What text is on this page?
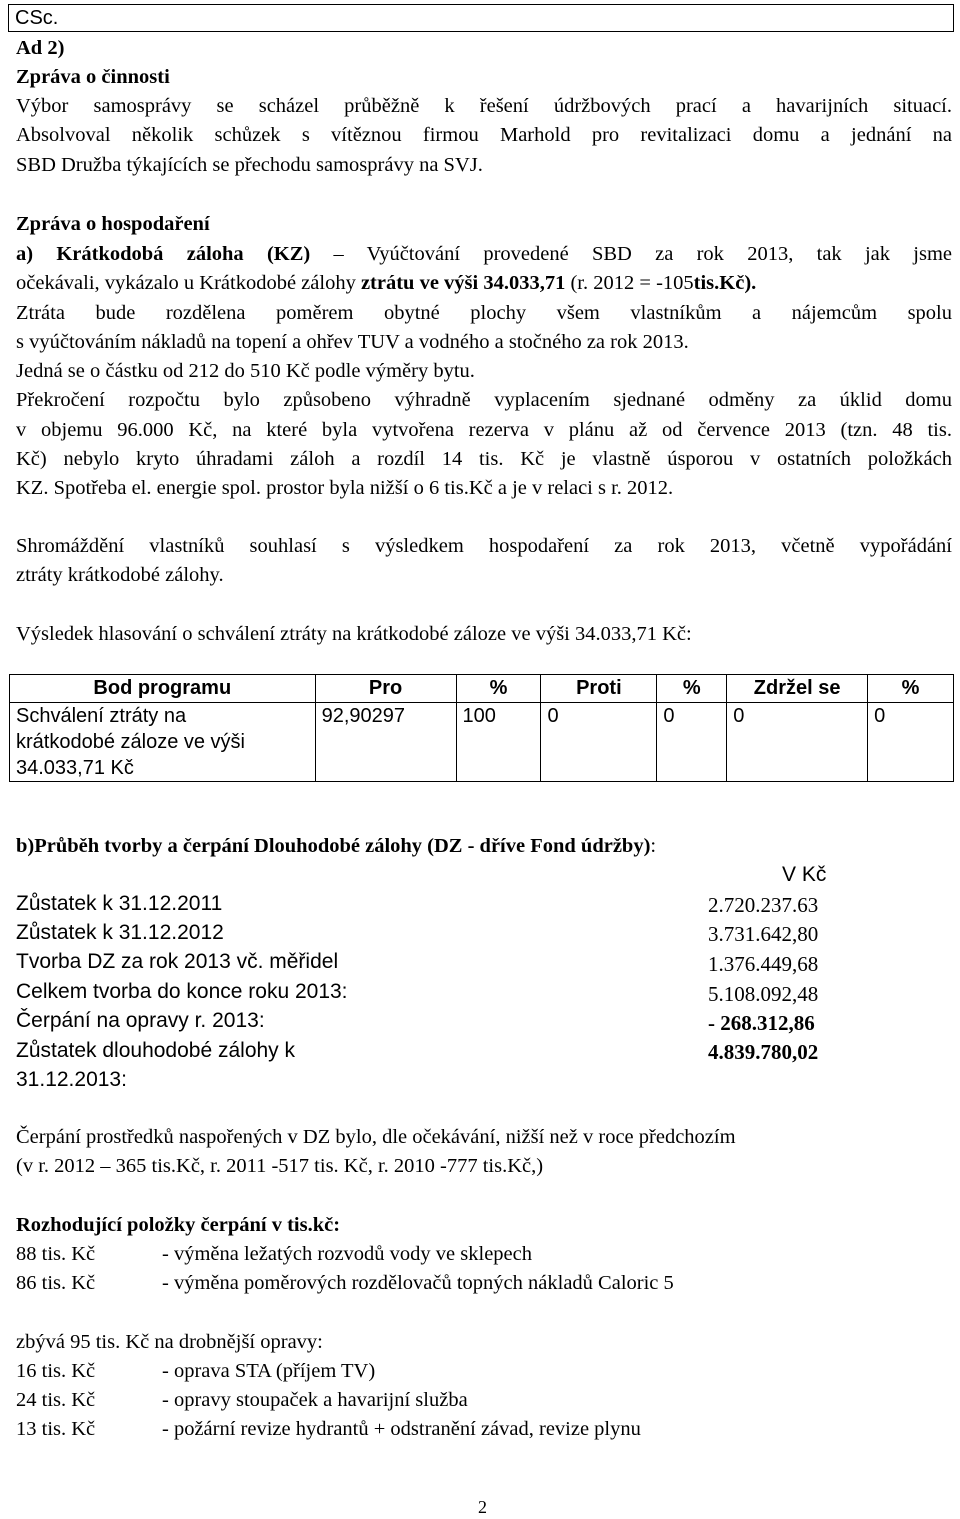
CSc.
Ad 2)
Zpráva o činnosti
Výbor samosprávy se scházel průběžně k řešení údržbových prací a havarijních situací.
Absolvoval několik schůzek s vítěznou firmou Marhold pro revitalizaci domu a jednání na
SBD Družba týkajících se přechodu samosprávy na SVJ.
Zpráva o hospodaření
a) Krátkodobá záloha (KZ) – Vyúčtování provedené SBD za rok 2013, tak jak jsme
očekávali, vykázalo u Krátkodobé zálohy ztrátu ve výši 34.033,71 (r. 2012 = -105tis.Kč).
Ztráta bude rozdělena poměrem obytné plochy všem vlastníkům a nájemcům spolu
s vyúčtováním nákladů na topení a ohřev TUV a vodného a stočného za rok 2013.
Jedná se o částku od 212 do 510 Kč podle výměry bytu.
Překročení rozpočtu bylo způsobeno výhradně vyplacením sjednané odměny za úklid domu
v objemu 96.000 Kč, na které byla vytvořena rezerva v plánu až od července 2013 (tzn. 48 tis.
Kč) nebylo kryto úhradami záloh a rozdíl 14 tis. Kč je vlastně úsporou v ostatních položkách
KZ. Spotřeba el. energie spol. prostor byla nižší o 6 tis.Kč a je v relaci s r. 2012.
Shromáždění vlastníků souhlasí s výsledkem hospodaření za rok 2013, včetně vypořádání
ztráty krátkodobé zálohy.
Výsledek hlasování o schválení ztráty na krátkodobé záloze ve výši 34.033,71 Kč:
Bod programu	Pro	%	Proti	%	Zdržel se	%

Schválení ztráty na
krátkodobé záloze ve výši
34.033,71 Kč	92,90297	100	0	0	0	0
b)Průběh tvorby a čerpání Dlouhodobé zálohy (DZ - dříve Fond údržby):
V Kč
Zůstatek k 31.12.2011	2.720.237.63
Zůstatek k 31.12.2012	3.731.642,80
Tvorba DZ za rok 2013 vč. měřidel	1.376.449,68
Celkem tvorba do konce roku 2013:	5.108.092,48
Čerpání na opravy r. 2013:	- 268.312,86
Zůstatek dlouhodobé zálohy k
31.12.2013:
4.839.780,02
Čerpání prostředků naspořených v DZ bylo, dle očekávání, nižší než v roce předchozím
(v r. 2012 – 365 tis.Kč, r. 2011 -517 tis. Kč, r. 2010 -777 tis.Kč,)
Rozhodující položky čerpání v tis.kč:
88 tis. Kč	- výměna ležatých rozvodů vody ve sklepech
86 tis. Kč	- výměna poměrových rozdělovačů topných nákladů Caloric 5
zbývá 95 tis. Kč na drobnější opravy:
16 tis. Kč	- oprava STA (příjem TV)
24 tis. Kč	- opravy stoupaček a havarijní služba
13 tis. Kč	- požární revize hydrantů + odstranění závad, revize plynu
2
